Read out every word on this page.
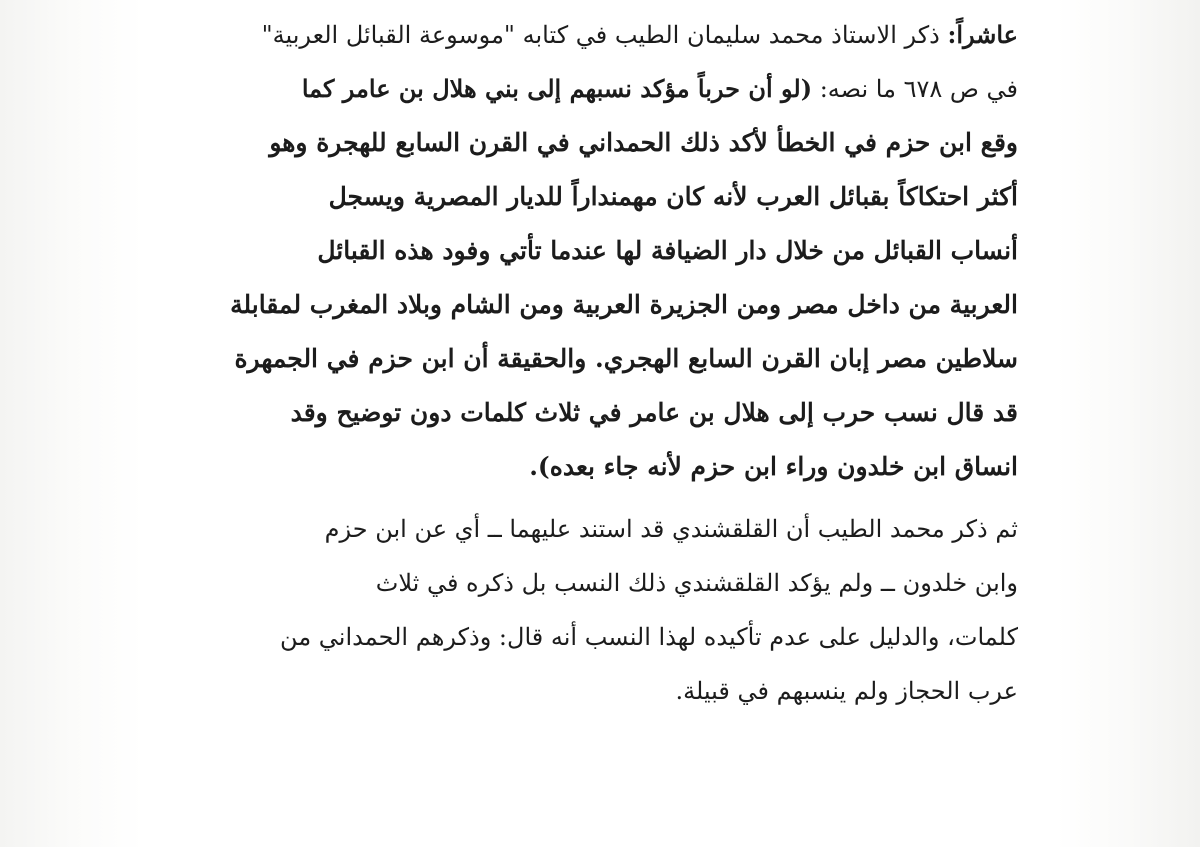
عاشراً: ذكر الاستاذ محمد سليمان الطيب في كتابه "موسوعة القبائل العربية"
في ص ٦٧٨ ما نصه: (لو أن حرباً مؤكد نسبهم إلى بني هلال بن عامر كما
وقع ابن حزم في الخطأ لأكد ذلك الحمداني في القرن السابع للهجرة وهو
أكثر احتكاكاً بقبائل العرب لأنه كان مهمنداراً للديار المصرية ويسجل
أنساب القبائل من خلال دار الضيافة لها عندما تأتي وفود هذه القبائل
العربية من داخل مصر ومن الجزيرة العربية ومن الشام وبلاد المغرب لمقابلة
سلاطين مصر إبان القرن السابع الهجري. والحقيقة أن ابن حزم في الجمهرة
قد قال نسب حرب إلى هلال بن عامر في ثلاث كلمات دون توضيح وقد
انساق ابن خلدون وراء ابن حزم لأنه جاء بعده).
ثم ذكر محمد الطيب أن القلقشندي قد استند عليهما ــ أي عن ابن حزم
وابن خلدون ــ ولم يؤكد القلقشندي ذلك النسب بل ذكره في ثلاث
كلمات، والدليل على عدم تأكيده لهذا النسب أنه قال: وذكرهم الحمداني من
عرب الحجاز ولم ينسبهم في قبيلة.
